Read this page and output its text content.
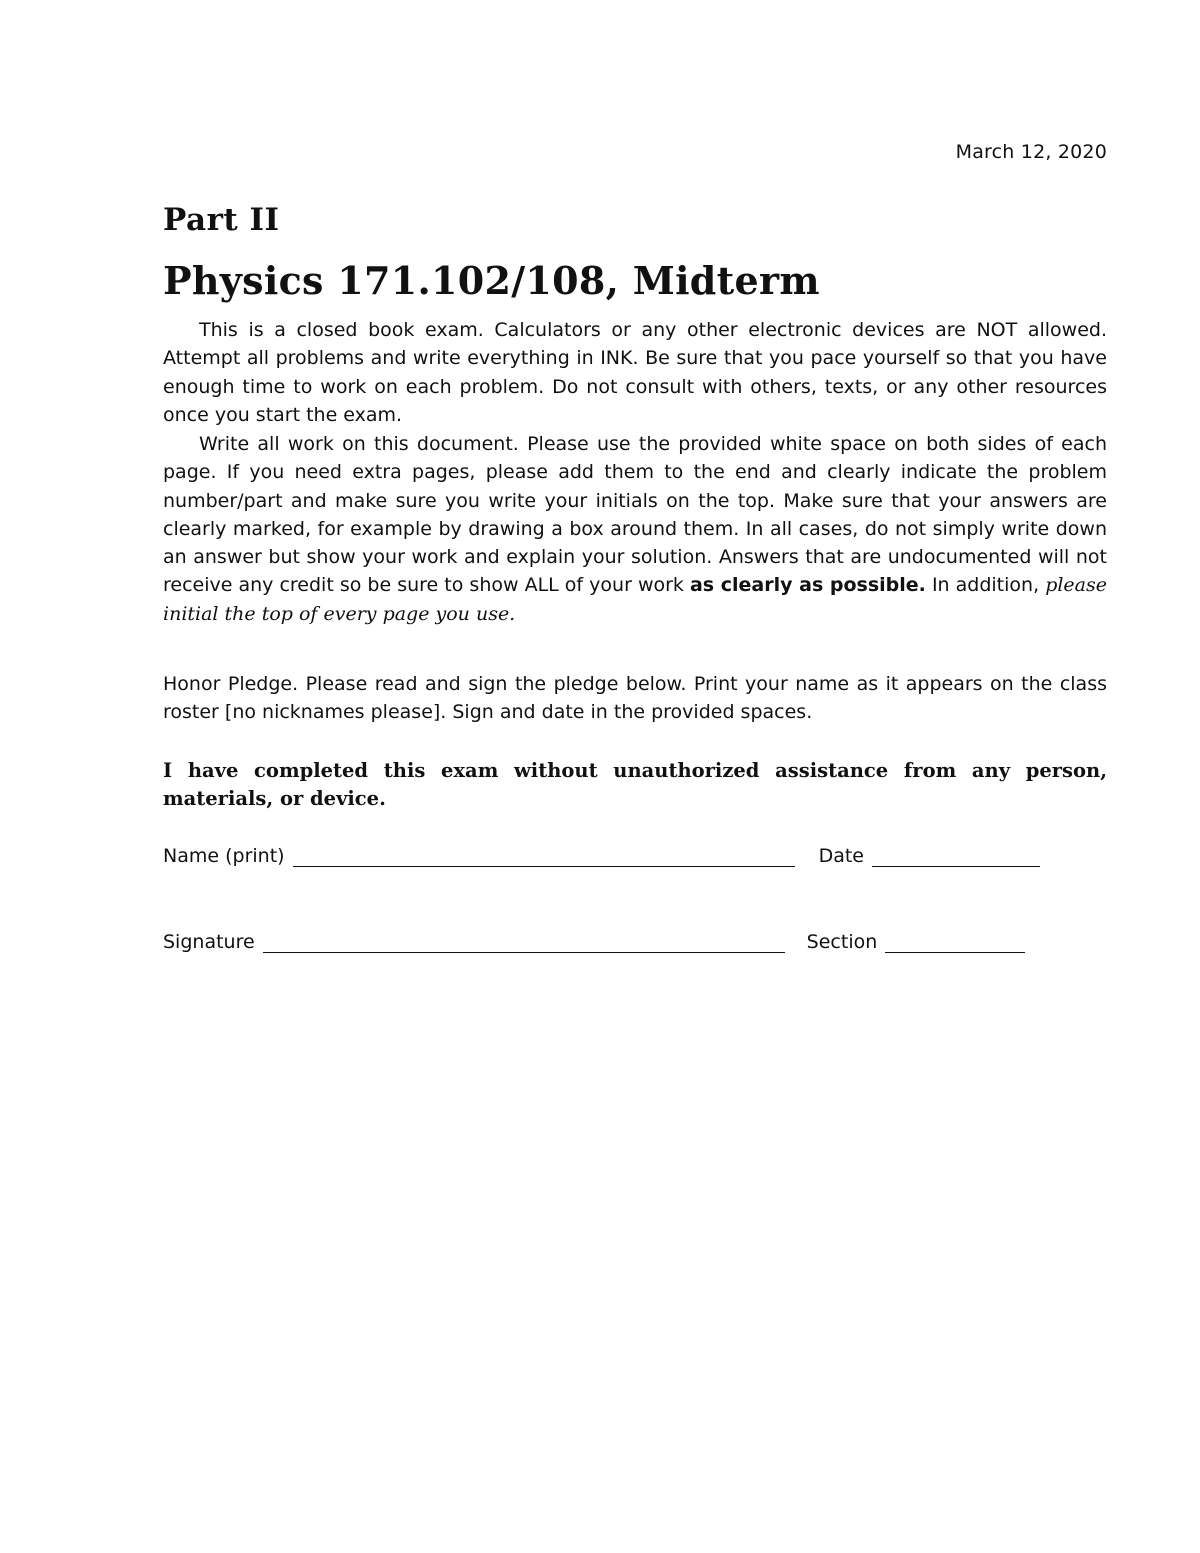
March 12, 2020
Part II
Physics 171.102/108, Midterm

This is a closed book exam. Calculators or any other electronic devices are NOT allowed. Attempt all problems and write everything in INK. Be sure that you pace yourself so that you have enough time to work on each problem. Do not consult with others, texts, or any other resources once you start the exam.

Write all work on this document. Please use the provided white space on both sides of each page. If you need extra pages, please add them to the end and clearly indicate the problem number/part and make sure you write your initials on the top. Make sure that your answers are clearly marked, for example by drawing a box around them. In all cases, do not simply write down an answer but show your work and explain your solution. Answers that are undocumented will not receive any credit so be sure to show ALL of your work as clearly as possible. In addition, please initial the top of every page you use.

Honor Pledge. Please read and sign the pledge below. Print your name as it appears on the class roster [no nicknames please]. Sign and date in the provided spaces.

I have completed this exam without unauthorized assistance from any person, materials, or device.

Name (print)	Date
Signature	Section
